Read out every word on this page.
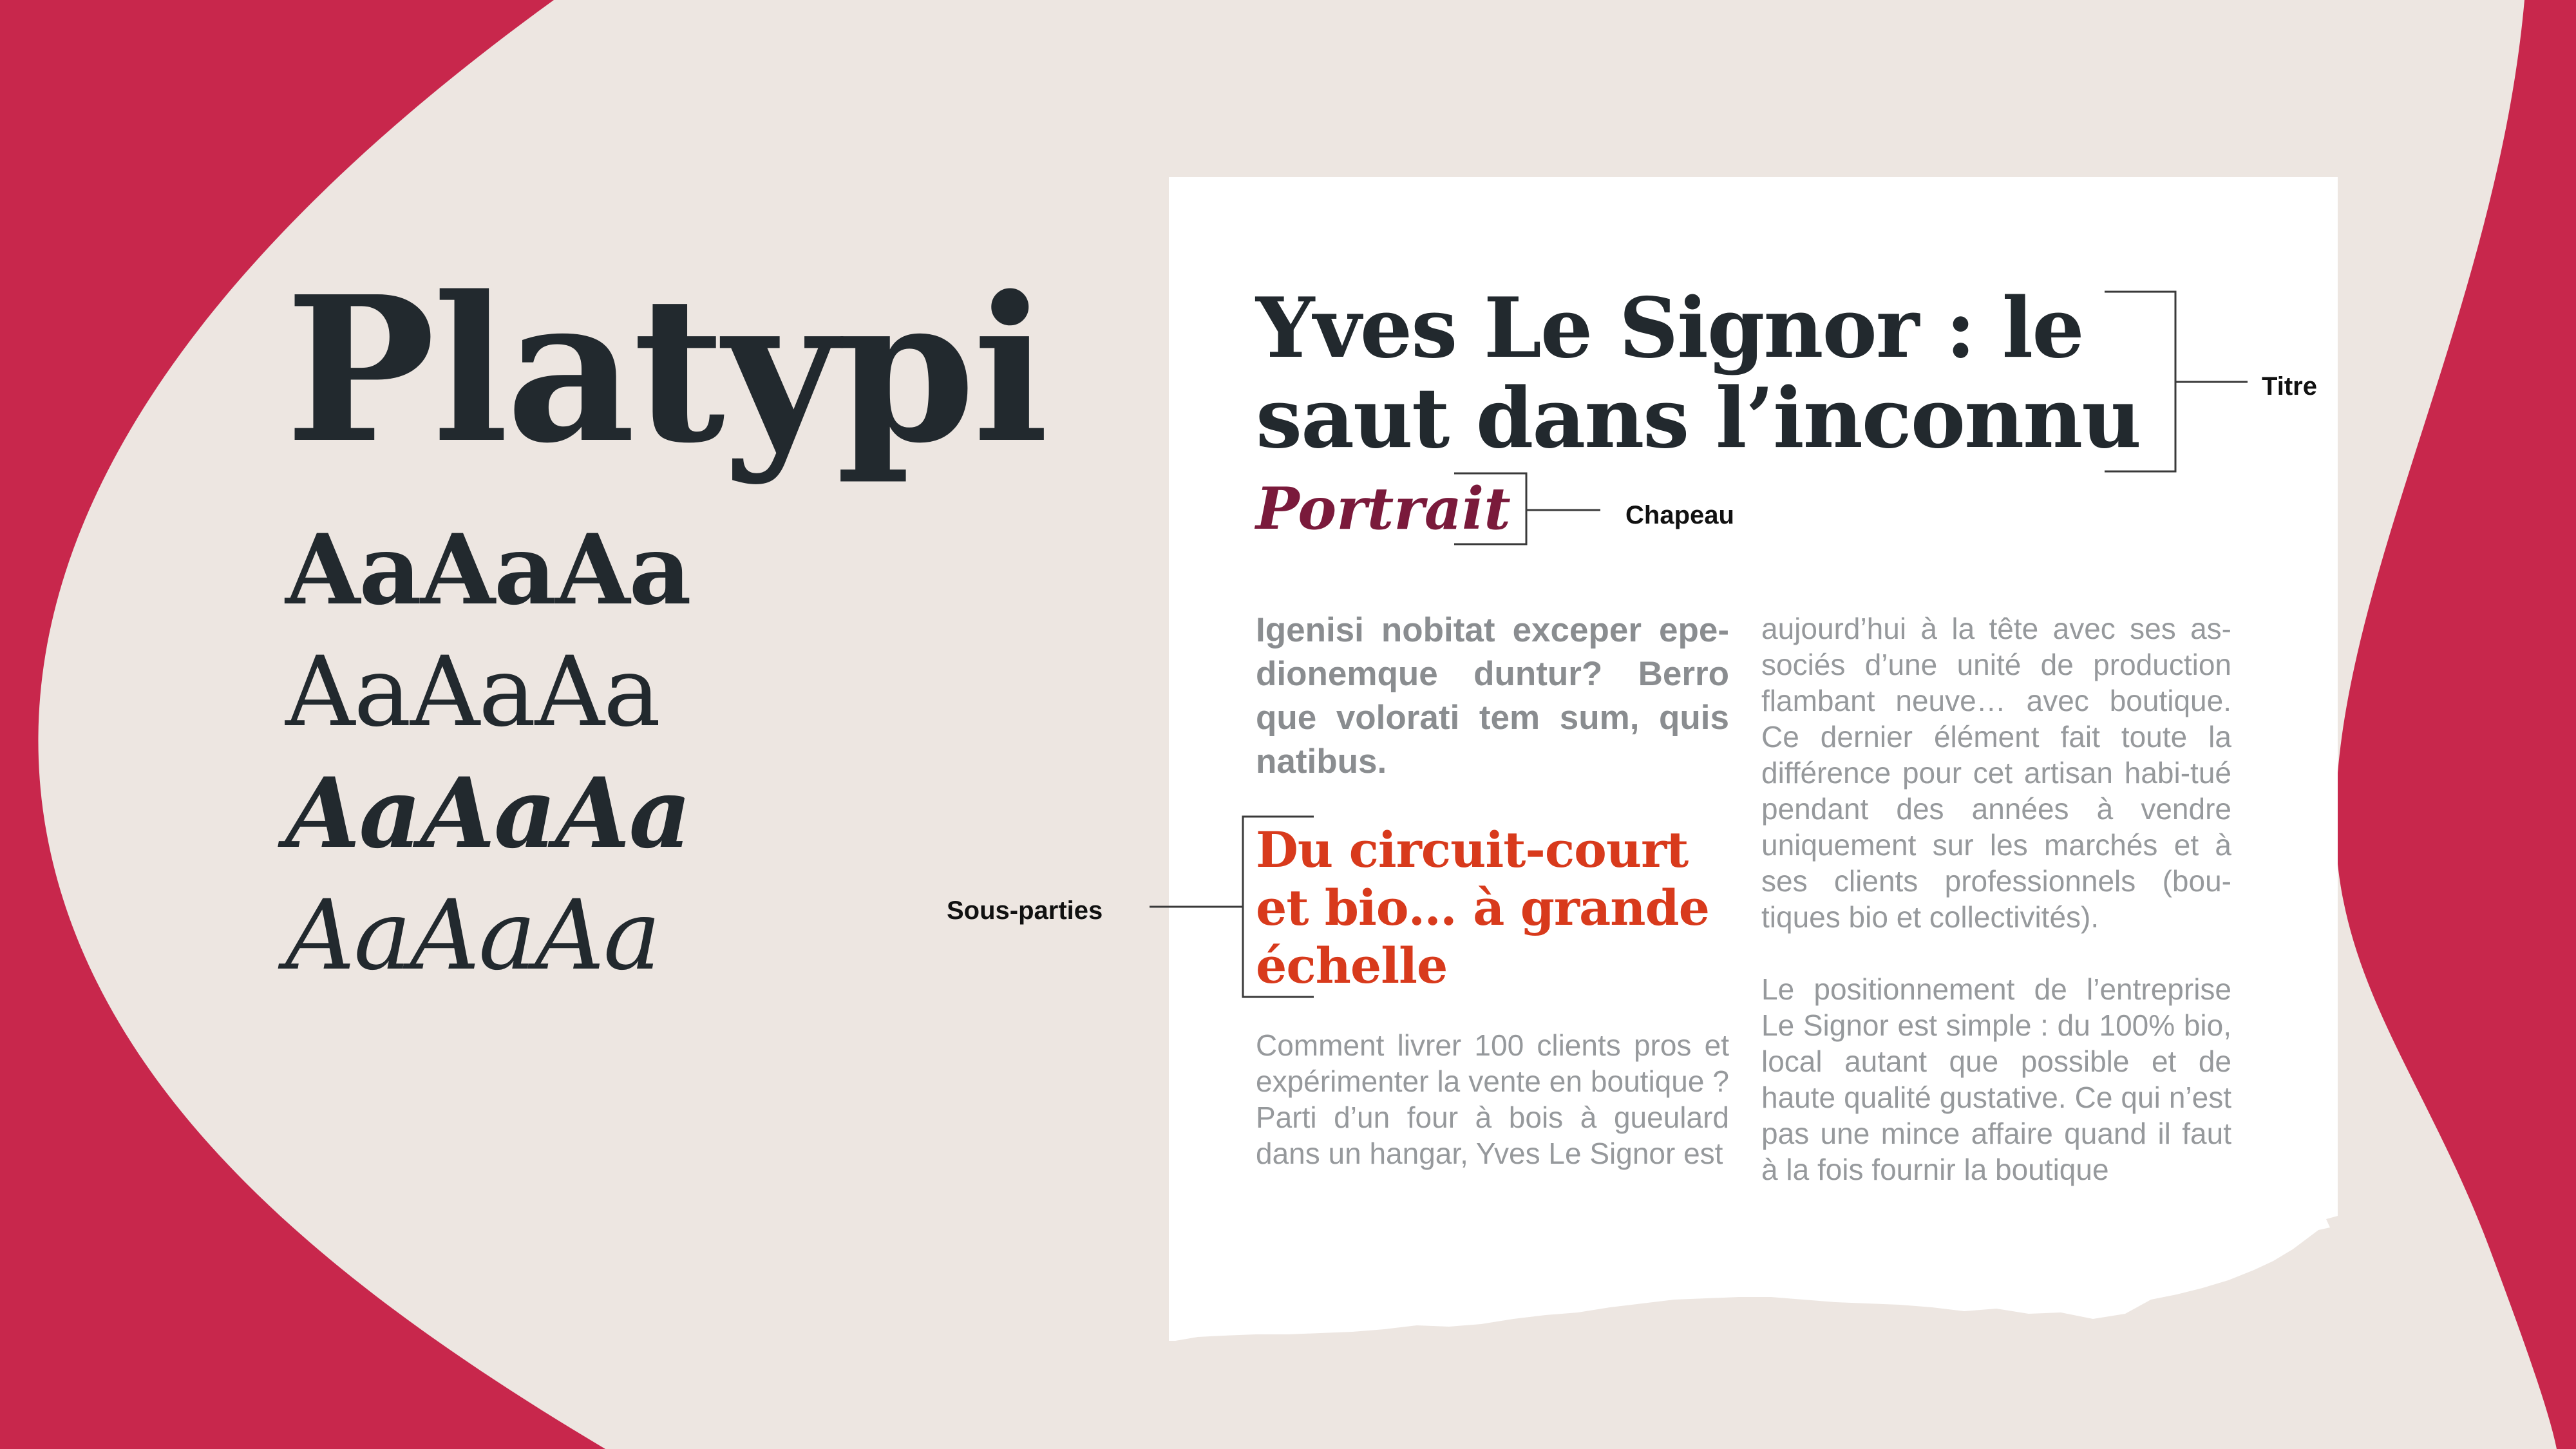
Platypi

AaAaAa

AaAaAa

AaAaAa

AaAaAa

Yves Le Signor : le saut dans l’inconnu

Portrait

Igenisi nobitat exceper epe-dionemque duntur? Berro que volorati tem sum, quis natibus.

Du circuit-court et bio… à grande échelle

Comment livrer 100 clients pros et expérimenter la vente en boutique ? Parti d’un four à bois à gueulard dans un hangar, Yves Le Signor est

aujourd’hui à la tête avec ses as-sociés d’une unité de production flambant neuve… avec boutique. Ce dernier élément fait toute la différence pour cet artisan habi-tué pendant des années à vendre uniquement sur les marchés et à ses clients professionnels (bou-tiques bio et collectivités).

Le positionnement de l’entreprise Le Signor est simple : du 100% bio, local autant que possible et de haute qualité gustative. Ce qui n’est pas une mince affaire quand il faut à la fois fournir la boutique

Titre

Chapeau

Sous-parties
